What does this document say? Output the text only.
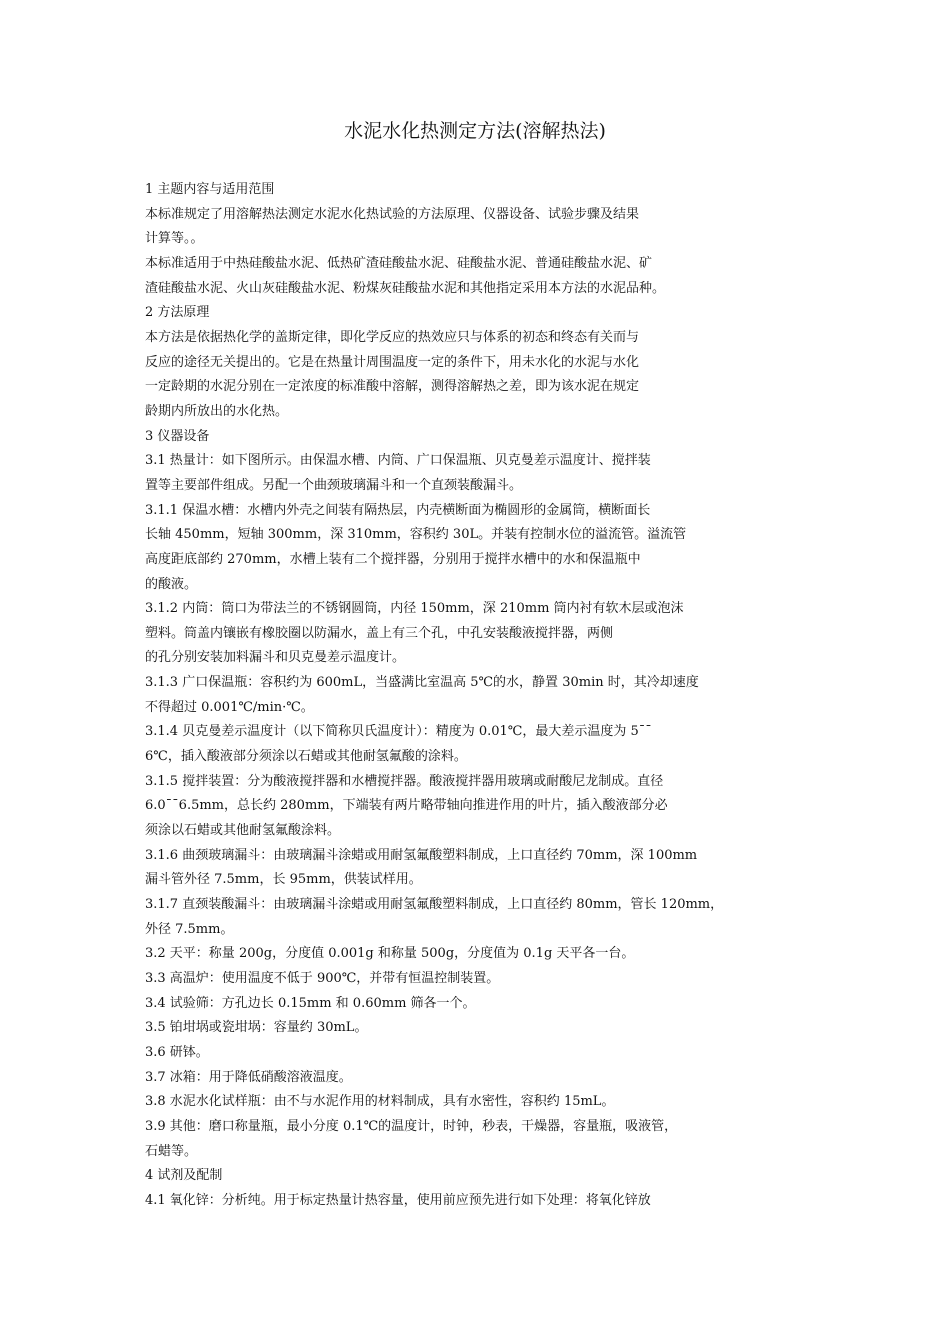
水泥水化热测定方法(溶解热法)
1 主题内容与适用范围
本标准规定了用溶解热法测定水泥水化热试验的方法原理、仪器设备、试验步骤及结果
计算等。。
本标准适用于中热硅酸盐水泥、低热矿渣硅酸盐水泥、硅酸盐水泥、普通硅酸盐水泥、矿
渣硅酸盐水泥、火山灰硅酸盐水泥、粉煤灰硅酸盐水泥和其他指定采用本方法的水泥品种。
2 方法原理
本方法是依据热化学的盖斯定律，即化学反应的热效应只与体系的初态和终态有关而与
反应的途径无关提出的。它是在热量计周围温度一定的条件下，用未水化的水泥与水化
一定龄期的水泥分别在一定浓度的标准酸中溶解，测得溶解热之差，即为该水泥在规定
龄期内所放出的水化热。
3 仪器设备
3.1 热量计：如下图所示。由保温水槽、内筒、广口保温瓶、贝克曼差示温度计、搅拌装
置等主要部件组成。另配一个曲颈玻璃漏斗和一个直颈装酸漏斗。
3.1.1 保温水槽：水槽内外壳之间装有隔热层，内壳横断面为椭圆形的金属筒，横断面长
长轴 450mm，短轴 300mm，深 310mm，容积约 30L。并装有控制水位的溢流管。溢流管
高度距底部约 270mm，水槽上装有二个搅拌器，分别用于搅拌水槽中的水和保温瓶中
的酸液。
3.1.2 内筒：筒口为带法兰的不锈钢圆筒，内径 150mm，深 210mm 筒内衬有软木层或泡沫
塑料。筒盖内镶嵌有橡胶圈以防漏水，盖上有三个孔，中孔安装酸液搅拌器，两侧
的孔分别安装加料漏斗和贝克曼差示温度计。
3.1.3 广口保温瓶：容积约为 600mL，当盛满比室温高 5℃的水，静置 30min 时，其冷却速度
不得超过 0.001℃/min·℃。
3.1.4 贝克曼差示温度计（以下简称贝氏温度计）：精度为 0.01℃，最大差示温度为 5¯¯
6℃，插入酸液部分须涂以石蜡或其他耐氢氟酸的涂料。
3.1.5 搅拌装置：分为酸液搅拌器和水槽搅拌器。酸液搅拌器用玻璃或耐酸尼龙制成。直径
6.0¯¯6.5mm，总长约 280mm，下端装有两片略带轴向推进作用的叶片，插入酸液部分必
须涂以石蜡或其他耐氢氟酸涂料。
3.1.6 曲颈玻璃漏斗：由玻璃漏斗涂蜡或用耐氢氟酸塑料制成，上口直径约 70mm，深 100mm
漏斗管外径 7.5mm，长 95mm，供装试样用。
3.1.7 直颈装酸漏斗：由玻璃漏斗涂蜡或用耐氢氟酸塑料制成，上口直径约 80mm，管长 120mm，
外径 7.5mm。
3.2 天平：称量 200g，分度值 0.001g 和称量 500g，分度值为 0.1g 天平各一台。
3.3 高温炉：使用温度不低于 900℃，并带有恒温控制装置。
3.4 试验筛：方孔边长 0.15mm 和 0.60mm 筛各一个。
3.5 铂坩埚或瓷坩埚：容量约 30mL。
3.6 研钵。
3.7 冰箱：用于降低硝酸溶液温度。
3.8 水泥水化试样瓶：由不与水泥作用的材料制成，具有水密性，容积约 15mL。
3.9 其他：磨口称量瓶，最小分度 0.1℃的温度计，时钟，秒表，干燥器，容量瓶，吸液管，
石蜡等。
4 试剂及配制
4.1 氧化锌：分析纯。用于标定热量计热容量，使用前应预先进行如下处理：将氧化锌放
